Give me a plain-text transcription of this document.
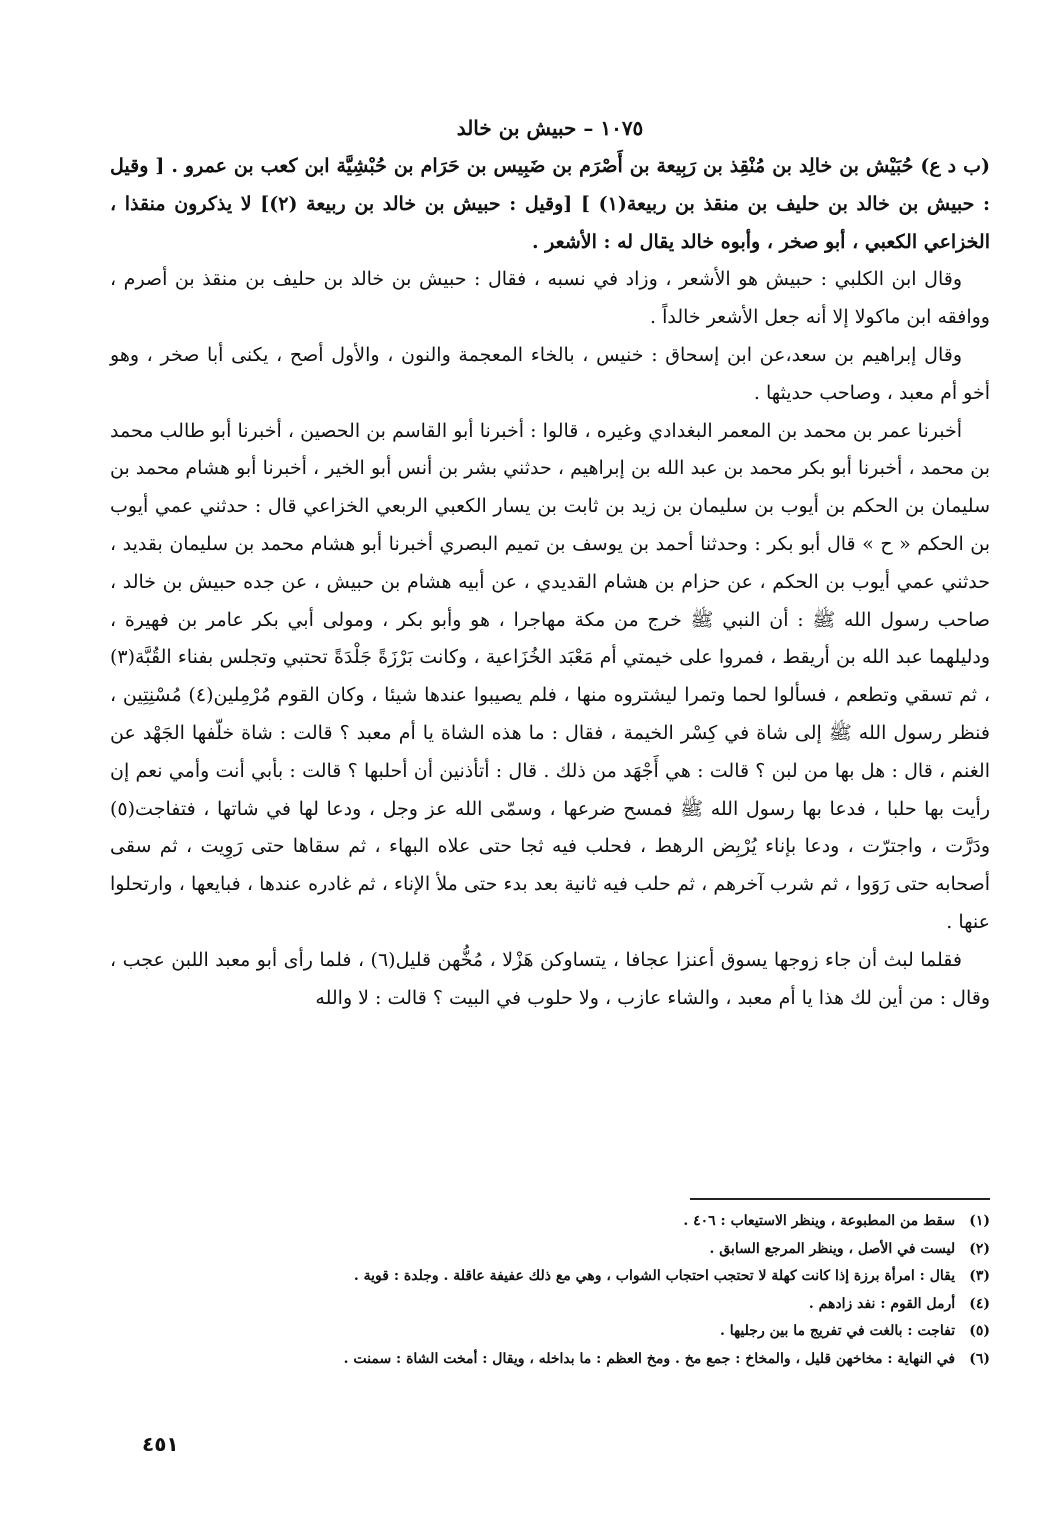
١٠٧٥ – حبيش بن خالد

(ب د ع) حُبَيْش بن خالِد بن مُنْقِذ بن رَبِيعة بن أَصْرَم بن ضَبِيس بن حَرَام بن حُبْشِيَّة ابن كعب بن عمرو . [ وقيل : حبيش بن خالد بن حليف بن منقذ بن ربيعة(١) ] [وقيل : حبيش بن خالد بن ربيعة (٢)] لا يذكرون منقذا ، الخزاعي الكعبي ، أبو صخر ، وأبوه خالد يقال له : الأشعر .

وقال ابن الكلبي : حبيش هو الأشعر ، وزاد في نسبه ، فقال : حبيش بن خالد بن حليف بن منقذ بن أصرم ، ووافقه ابن ماكولا إلا أنه جعل الأشعر خالداً .

وقال إبراهيم بن سعد،عن ابن إسحاق : خنيس ، بالخاء المعجمة والنون ، والأول أصح ، يكنى أبا صخر ، وهو أخو أم معبد ، وصاحب حديثها .

أخبرنا عمر بن محمد بن المعمر البغدادي وغيره ، قالوا : أخبرنا أبو القاسم بن الحصين ، أخبرنا أبو طالب محمد بن محمد ، أخبرنا أبو بكر محمد بن عبد الله بن إبراهيم ، حدثني بشر بن أنس أبو الخير ، أخبرنا أبو هشام محمد بن سليمان بن الحكم بن أيوب بن سليمان بن زيد بن ثابت بن يسار الكعبي الربعي الخزاعي قال : حدثني عمي أيوب بن الحكم « ح » قال أبو بكر : وحدثنا أحمد بن يوسف بن تميم البصري أخبرنا أبو هشام محمد بن سليمان بقديد ، حدثني عمي أيوب بن الحكم ، عن حزام بن هشام القديدي ، عن أبيه هشام بن حبيش ، عن جده حبيش بن خالد ، صاحب رسول الله ﷺ : أن النبي ﷺ خرج من مكة مهاجرا ، هو وأبو بكر ، ومولى أبي بكر عامر بن فهيرة ، ودليلهما عبد الله بن أريقط ، فمروا على خيمتي أم مَعْبَد الخُزَاعية ، وكانت بَرْزَةً جَلْدَةً تحتبي وتجلس بفناء القُبَّة(٣) ، ثم تسقي وتطعم ، فسألوا لحما وتمرا ليشتروه منها ، فلم يصيبوا عندها شيئا ، وكان القوم مُرْمِلين(٤) مُسْنِتِين ، فنظر رسول الله ﷺ إلى شاة في كِسْر الخيمة ، فقال : ما هذه الشاة يا أم معبد ؟ قالت : شاة خلّفها الجَهْد عن الغنم ، قال : هل بها من لبن ؟ قالت : هي أَجْهَد من ذلك . قال : أتأذنين أن أحلبها ؟ قالت : بأبي أنت وأمي نعم إن رأيت بها حلبا ، فدعا بها رسول الله ﷺ فمسح ضرعها ، وسمّى الله عز وجل ، ودعا لها في شاتها ، فتفاجت(٥) ودَرَّت ، واجترّت ، ودعا بإناء يُرْبِض الرهط ، فحلب فيه ثجا حتى علاه البهاء ، ثم سقاها حتى رَوِيت ، ثم سقى أصحابه حتى رَوَوا ، ثم شرب آخرهم ، ثم حلب فيه ثانية بعد بدء حتى ملأ الإناء ، ثم غادره عندها ، فبايعها ، وارتحلوا عنها .

فقلما لبث أن جاء زوجها يسوق أعنزا عجافا ، يتساوكن هَزْلا ، مُخُّهن قليل(٦) ، فلما رأى أبو معبد اللبن عجب ، وقال : من أين لك هذا يا أم معبد ، والشاء عازب ، ولا حلوب في البيت ؟ قالت : لا والله

(١) سقط من المطبوعة ، وينظر الاستيعاب : ٤٠٦ .
(٢) ليست في الأصل ، وينظر المرجع السابق .
(٣) يقال : امرأة برزة إذا كانت كهلة لا تحتجب احتجاب الشواب ، وهي مع ذلك عفيفة عاقلة . وجلدة : قوية .
(٤) أرمل القوم : نفد زادهم .
(٥) تفاجت : بالغت في تفريج ما بين رجليها .
(٦) في النهاية : مخاخهن قليل ، والمخاخ : جمع مخ . ومخ العظم : ما بداخله ، ويقال : أمخت الشاة : سمنت .
٤٥١
